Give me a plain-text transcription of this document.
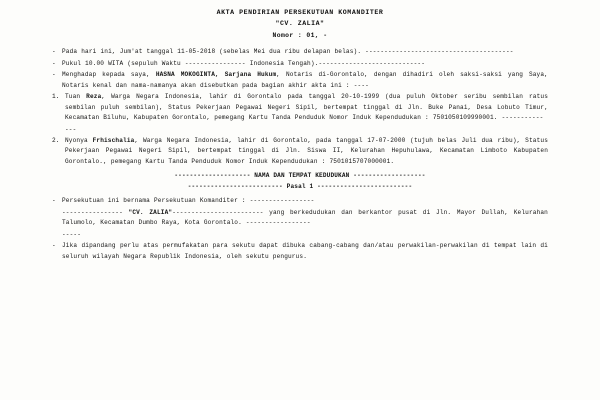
AKTA PENDIRIAN PERSEKUTUAN KOMANDITER
"CV. ZALIA"
Nomor : 01, -
-	Pada hari ini, Jum'at tanggal 11-05-2018 (sebelas Mei dua ribu delapan belas). ---------------------------------------
-	Pukul 10.00 WITA (sepuluh Waktu ---------------- Indonesia Tengah).----------------------------
-	Menghadap kepada saya, HASNA MOKOGINTA, Sarjana Hukum, Notaris di-Gorontalo, dengan dihadiri oleh saksi-saksi yang Saya, Notaris kenal dan nama-namanya akan disebutkan pada bagian akhir akta ini : ----
1. Tuan Reza, Warga Negara Indonesia, lahir di Gorontalo pada tanggal 20-10-1999 (dua puluh Oktober seribu sembilan ratus sembilan puluh sembilan), Status Pekerjaan Pegawai Negeri Sipil, bertempat tinggal di Jln. Buke Panai, Desa Lobuto Timur, Kecamatan Biluhu, Kabupaten Gorontalo, pemegang Kartu Tanda Penduduk Nomor Induk Kependudukan : 7501050109990001. -----------
---
2. Nyonya Frhischalia, Warga Negara Indonesia, lahir di Gorontalo, pada tanggal 17-07-2000 (tujuh belas Juli dua ribu), Status Pekerjaan Pegawai Negeri Sipil, bertempat tinggal di Jln. Siswa II, Kelurahan Hepuhulawa, Kecamatan Limboto Kabupaten Gorontalo., pemegang Kartu Tanda Penduduk Nomor Induk Kependudukan : 7501015707000001.
-------------------- NAMA DAN TEMPAT KEDUDUKAN -------------------
------------------------- Pasal 1 -------------------------
-	Persekutuan ini bernama Persekutuan Komanditer : -----------------
---------------- "CV. ZALIA"------------------------ yang berkedudukan dan berkantor pusat di Jln. Mayor Dullah, Kelurahan Talumolo, Kecamatan Dumbo Raya, Kota Gorontalo. -----------------
-----
-	Jika dipandang perlu atas permufakatan para sekutu dapat dibuka cabang-cabang dan/atau perwakilan-perwakilan di tempat lain di seluruh wilayah Negara Republik Indonesia, oleh sekutu pengurus.
